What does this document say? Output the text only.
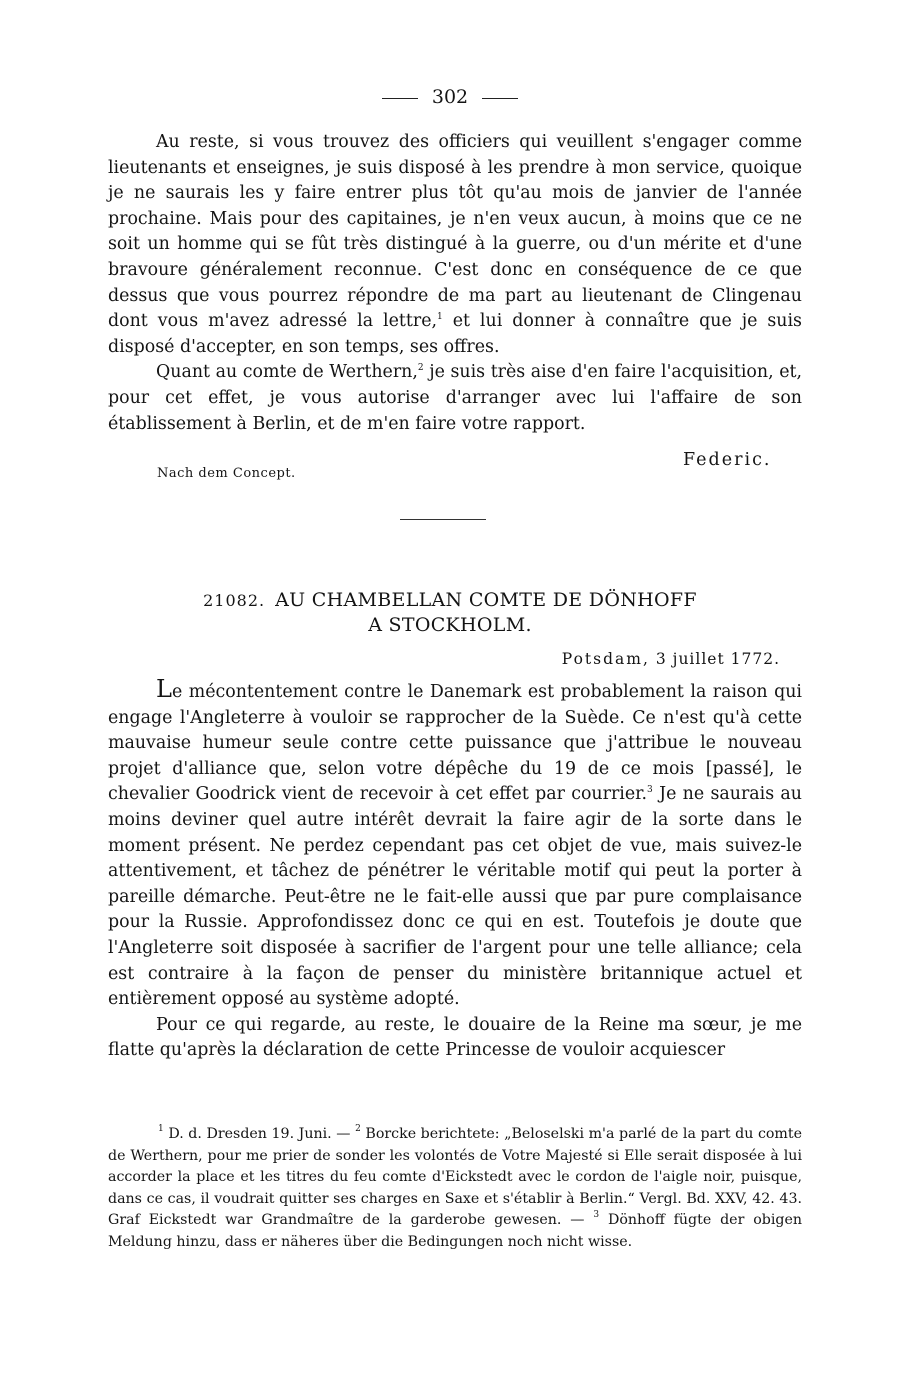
302

Au reste, si vous trouvez des officiers qui veuillent s'engager comme lieutenants et enseignes, je suis disposé à les prendre à mon service, quoique je ne saurais les y faire entrer plus tôt qu'au mois de janvier de l'année prochaine. Mais pour des capitaines, je n'en veux aucun, à moins que ce ne soit un homme qui se fût très distingué à la guerre, ou d'un mérite et d'une bravoure généralement reconnue. C'est donc en conséquence de ce que dessus que vous pourrez répondre de ma part au lieutenant de Clingenau dont vous m'avez adressé la lettre,$^1$ et lui donner à connaître que je suis disposé d'accepter, en son temps, ses offres.

Quant au comte de Werthern,$^2$ je suis très aise d'en faire l'acquisition, et, pour cet effet, je vous autorise d'arranger avec lui l'affaire de son établissement à Berlin, et de m'en faire votre rapport.

Federic.
Nach dem Concept.
21082. AU CHAMBELLAN COMTE DE DÖNHOFF
A STOCKHOLM.
Potsdam, 3 juillet 1772.

Le mécontentement contre le Danemark est probablement la raison qui engage l'Angleterre à vouloir se rapprocher de la Suède. Ce n'est qu'à cette mauvaise humeur seule contre cette puissance que j'attribue le nouveau projet d'alliance que, selon votre dépêche du 19 de ce mois [passé], le chevalier Goodrick vient de recevoir à cet effet par courrier.$^3$ Je ne saurais au moins deviner quel autre intérêt devrait la faire agir de la sorte dans le moment présent. Ne perdez cependant pas cet objet de vue, mais suivez-le attentivement, et tâchez de pénétrer le véritable motif qui peut la porter à pareille démarche. Peut-être ne le fait-elle aussi que par pure complaisance pour la Russie. Approfondissez donc ce qui en est. Toutefois je doute que l'Angleterre soit disposée à sacrifier de l'argent pour une telle alliance; cela est contraire à la façon de penser du ministère britannique actuel et entièrement opposé au système adopté.

Pour ce qui regarde, au reste, le douaire de la Reine ma sœur, je me flatte qu'après la déclaration de cette Princesse de vouloir acquiescer

$^1$ D. d. Dresden 19. Juni. — $^2$ Borcke berichtete: „Beloselski m'a parlé de la part du comte de Werthern, pour me prier de sonder les volontés de Votre Majesté si Elle serait disposée à lui accorder la place et les titres du feu comte d'Eickstedt avec le cordon de l'aigle noir, puisque, dans ce cas, il voudrait quitter ses charges en Saxe et s'établir à Berlin.“ Vergl. Bd. XXV, 42. 43. Graf Eickstedt war Grandmaître de la garderobe gewesen. — $^3$ Dönhoff fügte der obigen Meldung hinzu, dass er näheres über die Bedingungen noch nicht wisse.
